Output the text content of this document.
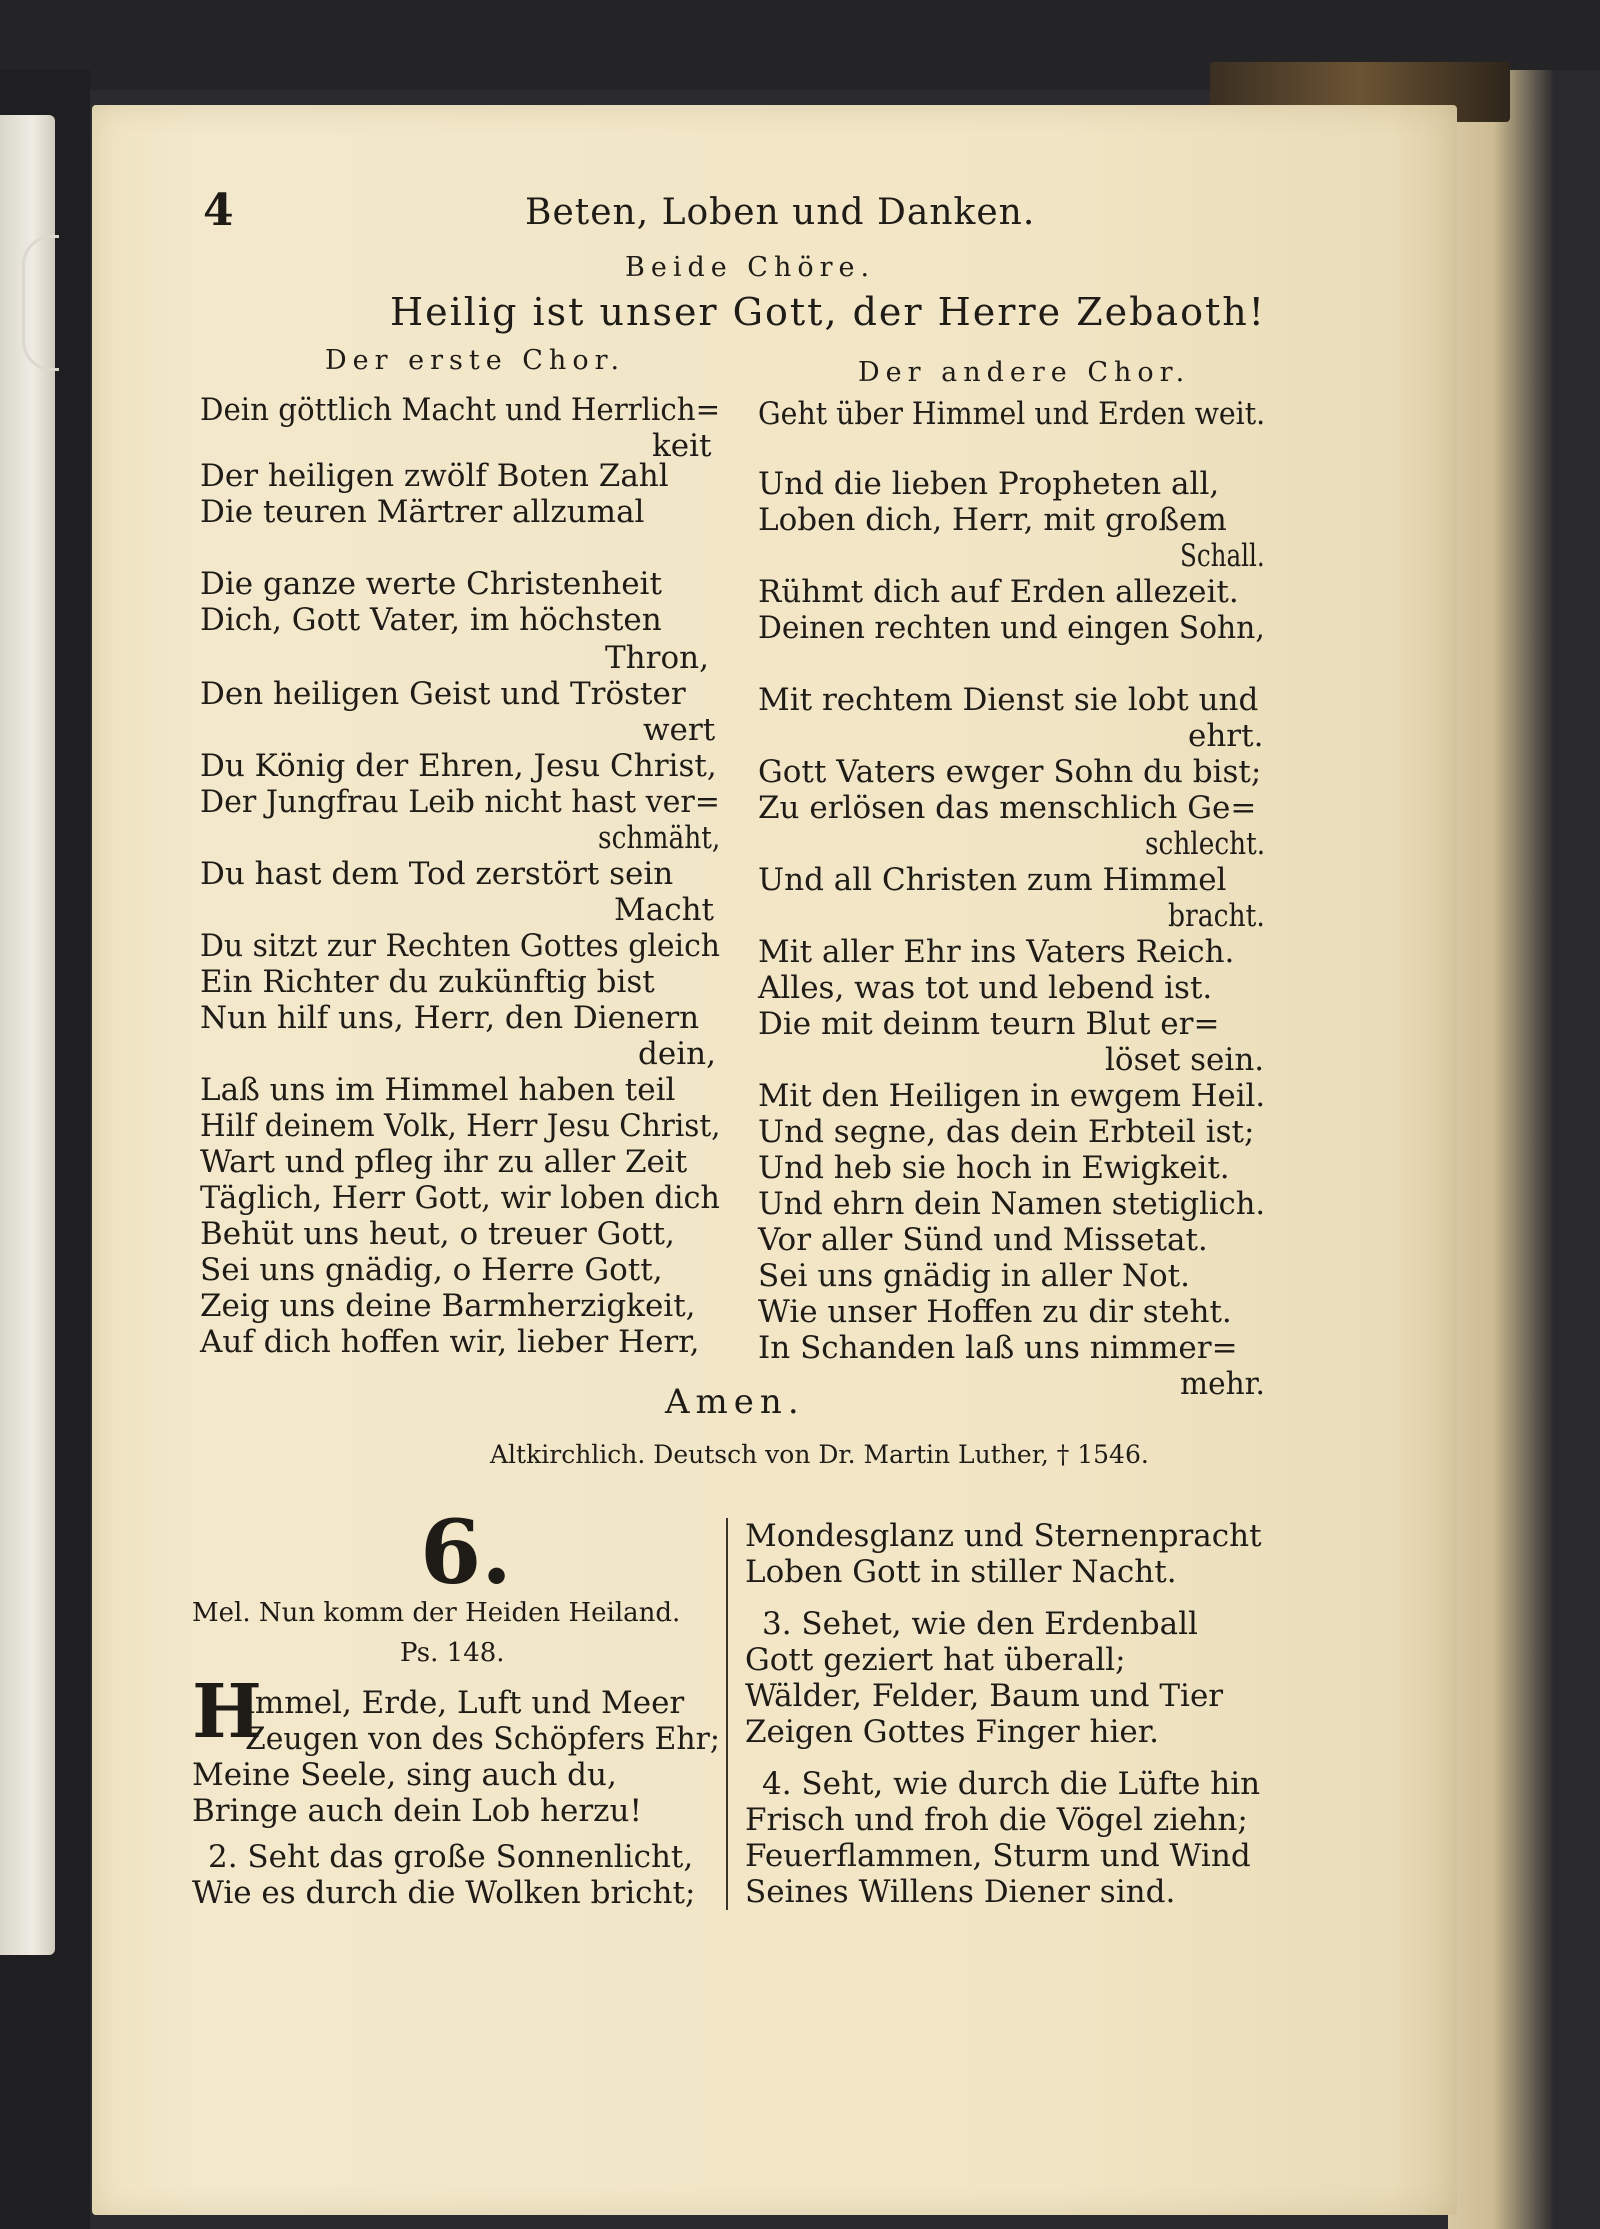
4	Beten, Loben und Danken.
Beide Chöre.
Heilig ist unser Gott, der Herre Zebaoth!
Der erste Chor.	Der andere Chor.
Dein göttlich Macht und Herrlich=
keit
Der heiligen zwölf Boten Zahl
Die teuren Märtrer allzumal
Die ganze werte Christenheit
Dich, Gott Vater, im höchsten
Thron,
Den heiligen Geist und Tröster
wert
Du König der Ehren, Jesu Christ,
Der Jungfrau Leib nicht hast ver=
schmäht,
Du hast dem Tod zerstört sein
Macht
Du sitzt zur Rechten Gottes gleich
Ein Richter du zukünftig bist
Nun hilf uns, Herr, den Dienern
dein,
Laß uns im Himmel haben teil
Hilf deinem Volk, Herr Jesu Christ,
Wart und pfleg ihr zu aller Zeit
Täglich, Herr Gott, wir loben dich
Behüt uns heut, o treuer Gott,
Sei uns gnädig, o Herre Gott,
Zeig uns deine Barmherzigkeit,
Auf dich hoffen wir, lieber Herr,
Geht über Himmel und Erden weit.
Und die lieben Propheten all,
Loben dich, Herr, mit großem
Schall.
Rühmt dich auf Erden allezeit.
Deinen rechten und eingen Sohn,
Mit rechtem Dienst sie lobt und
ehrt.
Gott Vaters ewger Sohn du bist;
Zu erlösen das menschlich Ge=
schlecht.
Und all Christen zum Himmel
bracht.
Mit aller Ehr ins Vaters Reich.
Alles, was tot und lebend ist.
Die mit deinm teurn Blut er=
löset sein.
Mit den Heiligen in ewgem Heil.
Und segne, das dein Erbteil ist;
Und heb sie hoch in Ewigkeit.
Und ehrn dein Namen stetiglich.
Vor aller Sünd und Missetat.
Sei uns gnädig in aller Not.
Wie unser Hoffen zu dir steht.
In Schanden laß uns nimmer=
mehr.
Amen.
Altkirchlich. Deutsch von Dr. Martin Luther, † 1546.
6.
Mel. Nun komm der Heiden Heiland.
Ps. 148.
H
immel, Erde, Luft und Meer
Zeugen von des Schöpfers Ehr;
Meine Seele, sing auch du,
Bringe auch dein Lob herzu!
2. Seht das große Sonnenlicht,
Wie es durch die Wolken bricht;
Mondesglanz und Sternenpracht
Loben Gott in stiller Nacht.
3. Sehet, wie den Erdenball
Gott geziert hat überall;
Wälder, Felder, Baum und Tier
Zeigen Gottes Finger hier.
4. Seht, wie durch die Lüfte hin
Frisch und froh die Vögel ziehn;
Feuerflammen, Sturm und Wind
Seines Willens Diener sind.
